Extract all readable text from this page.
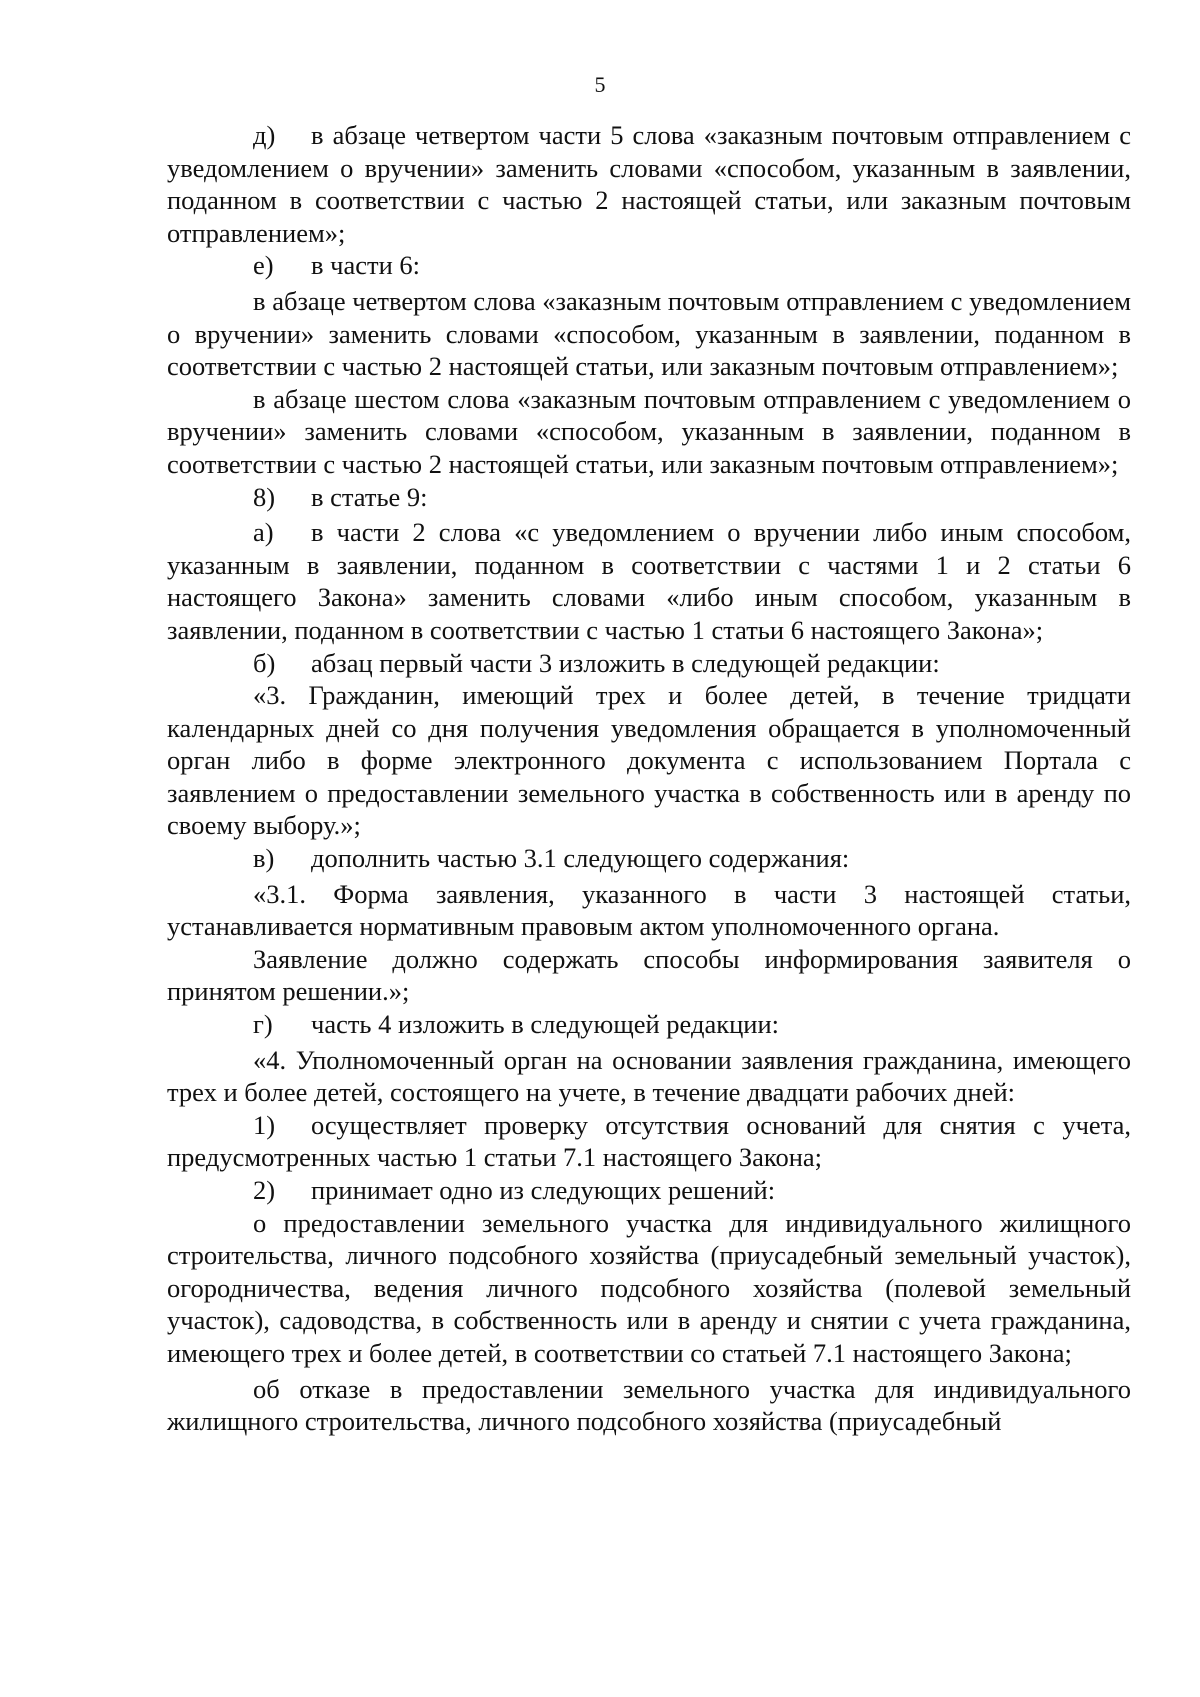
5

д) в абзаце четвертом части 5 слова «заказным почтовым отправлением с уведомлением о вручении» заменить словами «способом, указанным в заявлении, поданном в соответствии с частью 2 настоящей статьи, или заказным почтовым отправлением»;

е) в части 6:

в абзаце четвертом слова «заказным почтовым отправлением с уведомлением о вручении» заменить словами «способом, указанным в заявлении, поданном в соответствии с частью 2 настоящей статьи, или заказным почтовым отправлением»;

в абзаце шестом слова «заказным почтовым отправлением с уведомлением о вручении» заменить словами «способом, указанным в заявлении, поданном в соответствии с частью 2 настоящей статьи, или заказным почтовым отправлением»;

8) в статье 9:

а) в части 2 слова «с уведомлением о вручении либо иным способом, указанным в заявлении, поданном в соответствии с частями 1 и 2 статьи 6 настоящего Закона» заменить словами «либо иным способом, указанным в заявлении, поданном в соответствии с частью 1 статьи 6 настоящего Закона»;

б) абзац первый части 3 изложить в следующей редакции:

«3. Гражданин, имеющий трех и более детей, в течение тридцати календарных дней со дня получения уведомления обращается в уполномоченный орган либо в форме электронного документа с использованием Портала с заявлением о предоставлении земельного участка в собственность или в аренду по своему выбору.»;

в) дополнить частью 3.1 следующего содержания:

«3.1. Форма заявления, указанного в части 3 настоящей статьи, устанавливается нормативным правовым актом уполномоченного органа.

Заявление должно содержать способы информирования заявителя о принятом решении.»;

г) часть 4 изложить в следующей редакции:

«4. Уполномоченный орган на основании заявления гражданина, имеющего трех и более детей, состоящего на учете, в течение двадцати рабочих дней:

1) осуществляет проверку отсутствия оснований для снятия с учета, предусмотренных частью 1 статьи 7.1 настоящего Закона;

2) принимает одно из следующих решений:

о предоставлении земельного участка для индивидуального жилищного строительства, личного подсобного хозяйства (приусадебный земельный участок), огородничества, ведения личного подсобного хозяйства (полевой земельный участок), садоводства, в собственность или в аренду и снятии с учета гражданина, имеющего трех и более детей, в соответствии со статьей 7.1 настоящего Закона;

об отказе в предоставлении земельного участка для индивидуального жилищного строительства, личного подсобного хозяйства (приусадебный
